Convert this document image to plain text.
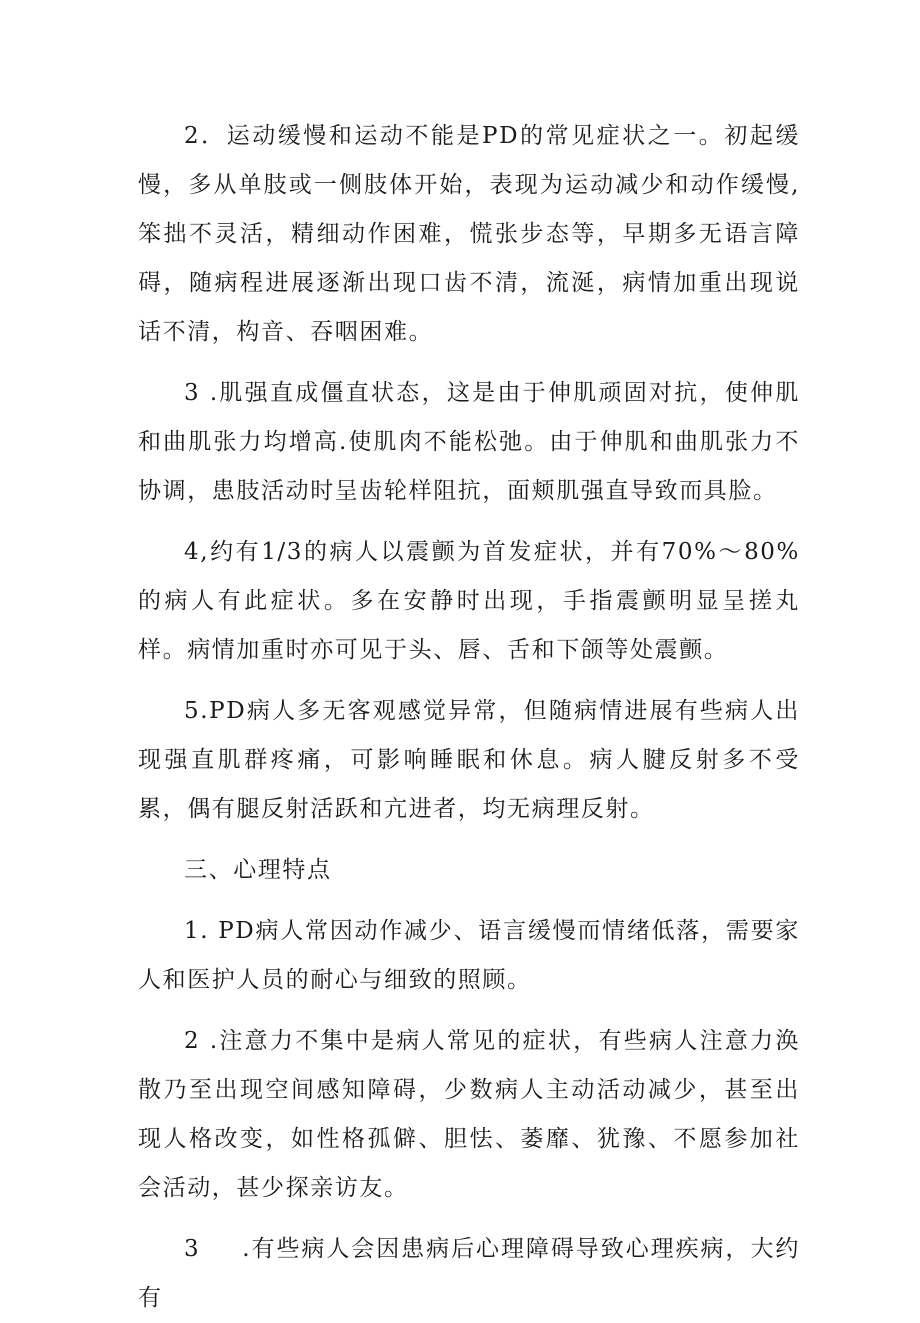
2．运动缓慢和运动不能是PD的常见症状之一。初起缓慢，多从单肢或一侧肢体开始，表现为运动减少和动作缓慢,笨拙不灵活，精细动作困难，慌张步态等，早期多无语言障碍，随病程进展逐渐出现口齿不清，流涎，病情加重出现说话不清，构音、吞咽困难。

3 .肌强直成僵直状态，这是由于伸肌顽固对抗，使伸肌和曲肌张力均增高.使肌肉不能松弛。由于伸肌和曲肌张力不协调，患肢活动时呈齿轮样阻抗，面颊肌强直导致而具脸。

4,约有1/3的病人以震颤为首发症状，并有70%～80%的病人有此症状。多在安静时出现，手指震颤明显呈搓丸样。病情加重时亦可见于头、唇、舌和下颌等处震颤。

5.PD病人多无客观感觉异常，但随病情进展有些病人出现强直肌群疼痛，可影响睡眠和休息。病人腱反射多不受累，偶有腿反射活跃和亢进者，均无病理反射。

三、心理特点

1. PD病人常因动作减少、语言缓慢而情绪低落，需要家人和医护人员的耐心与细致的照顾。

2 .注意力不集中是病人常见的症状，有些病人注意力涣散乃至出现空间感知障碍，少数病人主动活动减少，甚至出现人格改变，如性格孤僻、胆怯、萎靡、犹豫、不愿参加社会活动，甚少探亲访友。

3 .有些病人会因患病后心理障碍导致心理疾病，大约有
